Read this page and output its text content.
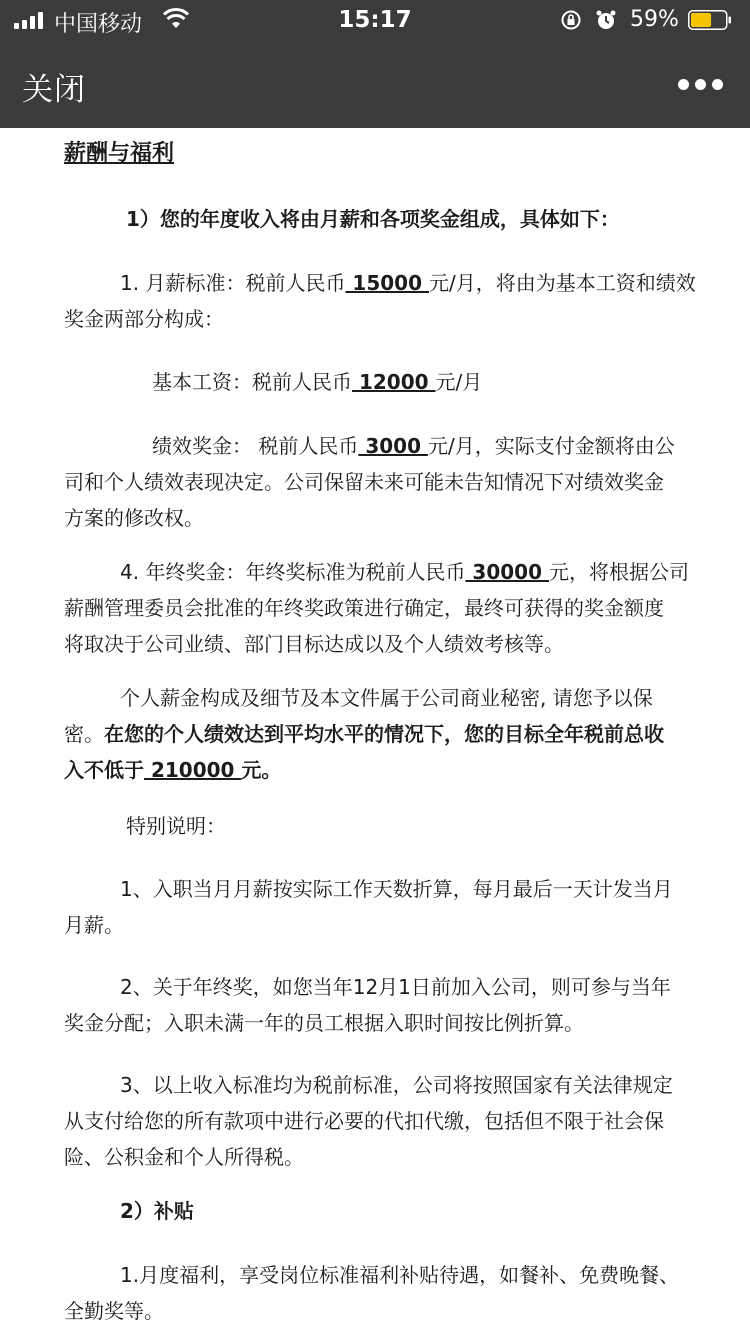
中国移动	15:17	59%
关闭

薪酬与福利

1）您的年度收入将由月薪和各项奖金组成，具体如下：

1. 月薪标准：税前人民币 15000 元/月，将由为基本工资和绩效

奖金两部分构成：

基本工资：税前人民币 12000 元/月

绩效奖金： 税前人民币 3000 元/月，实际支付金额将由公

司和个人绩效表现决定。公司保留未来可能未告知情况下对绩效奖金

方案的修改权。

4. 年终奖金：年终奖标准为税前人民币 30000 元，将根据公司

薪酬管理委员会批准的年终奖政策进行确定，最终可获得的奖金额度

将取决于公司业绩、部门目标达成以及个人绩效考核等。

个人薪金构成及细节及本文件属于公司商业秘密, 请您予以保

密。在您的个人绩效达到平均水平的情况下，您的目标全年税前总收

入不低于 210000 元。

特别说明：

1、入职当月月薪按实际工作天数折算，每月最后一天计发当月

月薪。

2、关于年终奖，如您当年12月1日前加入公司，则可参与当年

奖金分配；入职未满一年的员工根据入职时间按比例折算。

3、以上收入标准均为税前标准，公司将按照国家有关法律规定

从支付给您的所有款项中进行必要的代扣代缴，包括但不限于社会保

险、公积金和个人所得税。

2）补贴

1.月度福利，享受岗位标准福利补贴待遇，如餐补、免费晚餐、

全勤奖等。
